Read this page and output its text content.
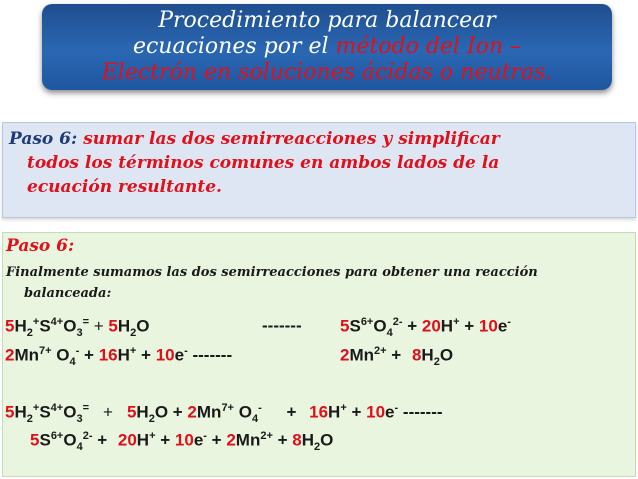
Procedimiento para balancear
ecuaciones por el método del Ion –
Electrón en soluciones ácidas o neutras.
Paso 6: sumar las dos semirreacciones y simplificar
todos los términos comunes en ambos lados de la
ecuación resultante.
Paso 6:
Finalmente sumamos las dos semirreacciones para obtener una reacción
balanceada:
$5H_2^+S^{4+}O_3^= + 5H_2O$	------- $5S^{6+}O_4^{2-} + 20H^+ + 10e^-$
$2Mn^{7+}$ $O_4^- + 16H^+ + 10e^-$ -------	$2Mn^{2+} + 8H_2O$
$5H_2^+S^{4+}O_3^= + 5H_2O + 2Mn^{7+}$ $O_4^- + 16H^+ + 10e^-$ -------
$5S^{6+}O_4^{2-} + 20H^+ + 10e^- + 2Mn^{2+} + 8H_2O$
